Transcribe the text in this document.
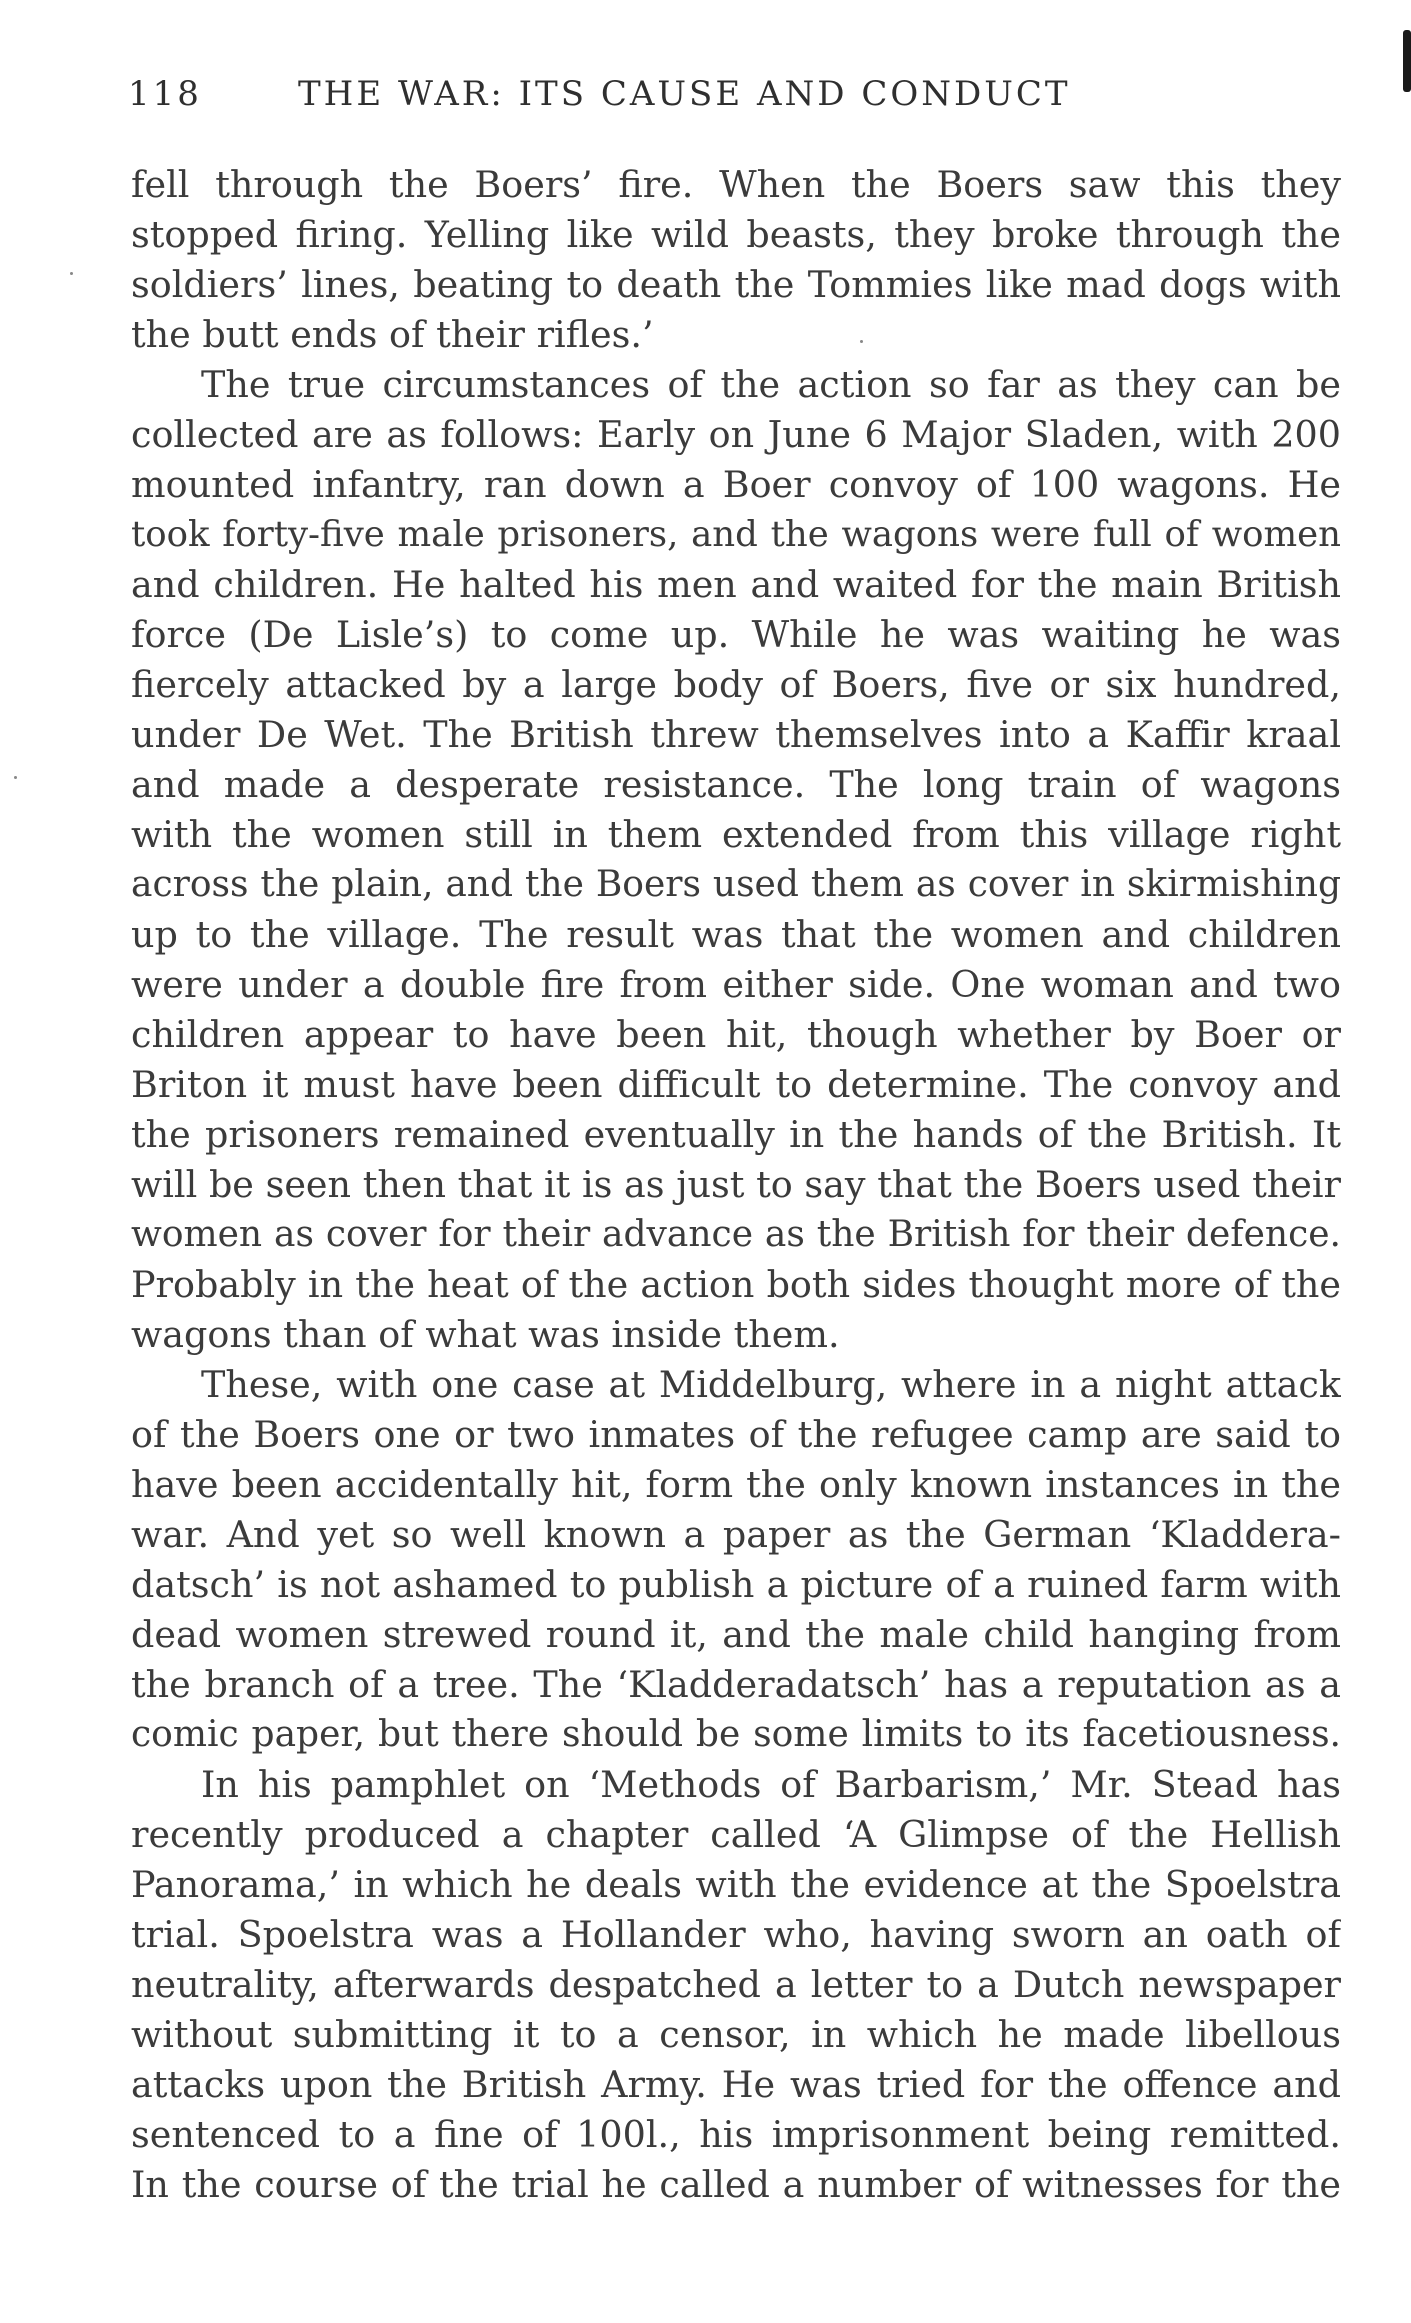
118	THE WAR: ITS CAUSE AND CONDUCT
fell through the Boers’ fire. When the Boers saw this they
stopped firing. Yelling like wild beasts, they broke through the
soldiers’ lines, beating to death the Tommies like mad dogs with
the butt ends of their rifles.’
The true circumstances of the action so far as they can be
collected are as follows: Early on June 6 Major Sladen, with 200
mounted infantry, ran down a Boer convoy of 100 wagons. He
took forty-five male prisoners, and the wagons were full of women
and children. He halted his men and waited for the main British
force (De Lisle’s) to come up. While he was waiting he was
fiercely attacked by a large body of Boers, five or six hundred,
under De Wet. The British threw themselves into a Kaffir kraal
and made a desperate resistance. The long train of wagons
with the women still in them extended from this village right
across the plain, and the Boers used them as cover in skirmishing
up to the village. The result was that the women and children
were under a double fire from either side. One woman and two
children appear to have been hit, though whether by Boer or
Briton it must have been difficult to determine. The convoy and
the prisoners remained eventually in the hands of the British. It
will be seen then that it is as just to say that the Boers used their
women as cover for their advance as the British for their defence.
Probably in the heat of the action both sides thought more of the
wagons than of what was inside them.
These, with one case at Middelburg, where in a night attack
of the Boers one or two inmates of the refugee camp are said to
have been accidentally hit, form the only known instances in the
war. And yet so well known a paper as the German ‘Kladdera-
datsch’ is not ashamed to publish a picture of a ruined farm with
dead women strewed round it, and the male child hanging from
the branch of a tree. The ‘Kladderadatsch’ has a reputation as a
comic paper, but there should be some limits to its facetiousness.
In his pamphlet on ‘Methods of Barbarism,’ Mr. Stead has
recently produced a chapter called ‘A Glimpse of the Hellish
Panorama,’ in which he deals with the evidence at the Spoelstra
trial. Spoelstra was a Hollander who, having sworn an oath of
neutrality, afterwards despatched a letter to a Dutch newspaper
without submitting it to a censor, in which he made libellous
attacks upon the British Army. He was tried for the offence and
sentenced to a fine of 100l., his imprisonment being remitted.
In the course of the trial he called a number of witnesses for the
